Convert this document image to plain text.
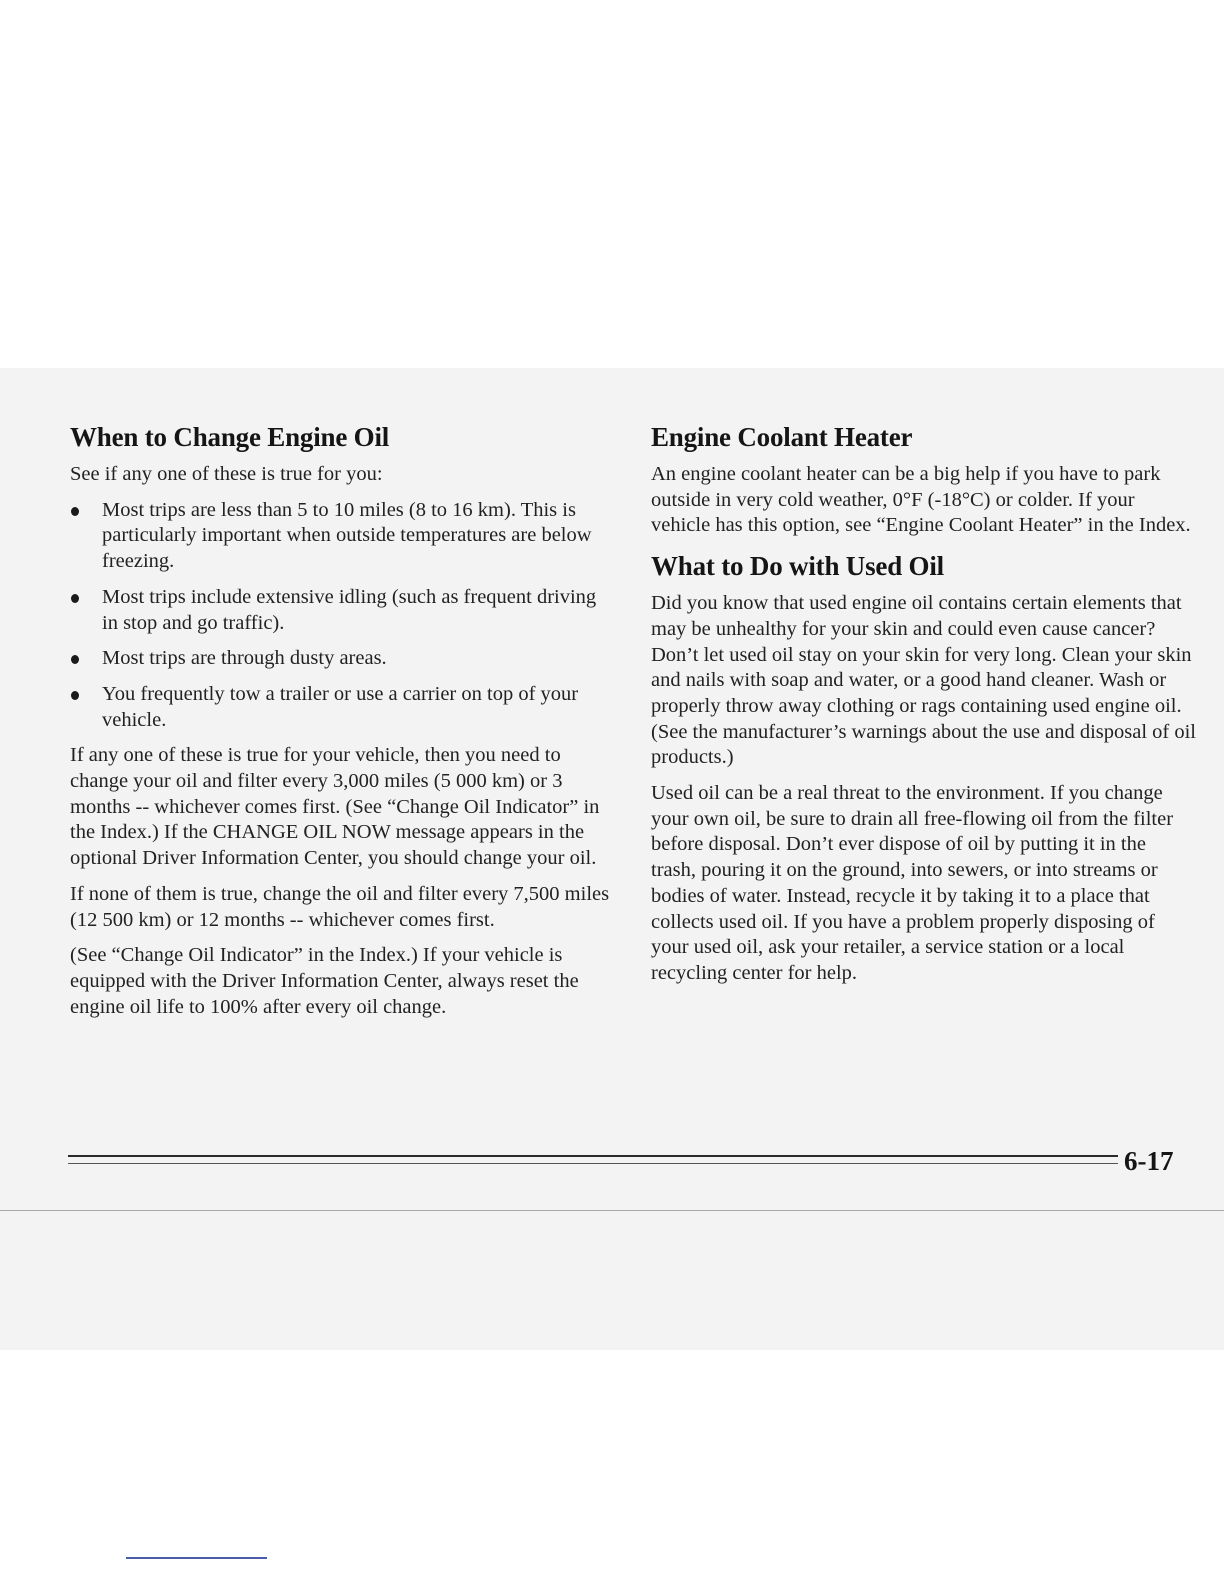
When to Change Engine Oil

See if any one of these is true for you:

Most trips are less than 5 to 10 miles (8 to 16 km). This is particularly important when outside temperatures are below freezing.
Most trips include extensive idling (such as frequent driving in stop and go traffic).
Most trips are through dusty areas.
You frequently tow a trailer or use a carrier on top of your vehicle.

If any one of these is true for your vehicle, then you need to change your oil and filter every 3,000 miles (5 000 km) or 3 months -- whichever comes first. (See “Change Oil Indicator” in the Index.) If the CHANGE OIL NOW message appears in the optional Driver Information Center, you should change your oil.

If none of them is true, change the oil and filter every 7,500 miles (12 500 km) or 12 months -- whichever comes first.

(See “Change Oil Indicator” in the Index.) If your vehicle is equipped with the Driver Information Center, always reset the engine oil life to 100% after every oil change.

Engine Coolant Heater

An engine coolant heater can be a big help if you have to park outside in very cold weather, 0°F (-18°C) or colder. If your vehicle has this option, see “Engine Coolant Heater” in the Index.

What to Do with Used Oil

Did you know that used engine oil contains certain elements that may be unhealthy for your skin and could even cause cancer? Don’t let used oil stay on your skin for very long. Clean your skin and nails with soap and water, or a good hand cleaner. Wash or properly throw away clothing or rags containing used engine oil. (See the manufacturer’s warnings about the use and disposal of oil products.)

Used oil can be a real threat to the environment. If you change your own oil, be sure to drain all free-flowing oil from the filter before disposal. Don’t ever dispose of oil by putting it in the trash, pouring it on the ground, into sewers, or into streams or bodies of water. Instead, recycle it by taking it to a place that collects used oil. If you have a problem properly disposing of your used oil, ask your retailer, a service station or a local recycling center for help.

6-17
